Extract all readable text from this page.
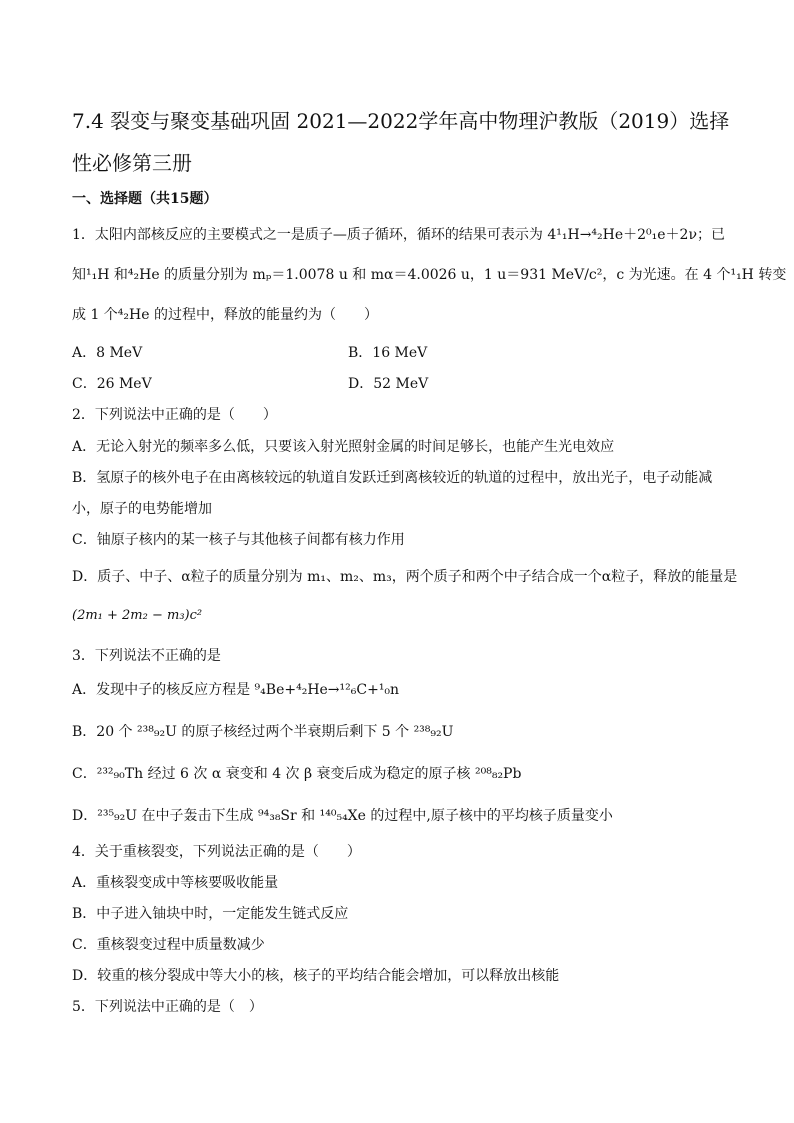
7.4 裂变与聚变基础巩固 2021—2022学年高中物理沪教版（2019）选择性必修第三册
一、选择题（共15题）
1．太阳内部核反应的主要模式之一是质子—质子循环，循环的结果可表示为 4¹₁H→⁴₂He＋2⁰₁e＋2ν；已
知¹₁H 和⁴₂He 的质量分别为 mₚ＝1.0078 u 和 mα＝4.0026 u，1 u＝931 MeV/c²，c 为光速。在 4 个¹₁H 转变
成 1 个⁴₂He 的过程中，释放的能量约为（　　）
A．8 MeV	B．16 MeV
C．26 MeV	D．52 MeV
2．下列说法中正确的是（　　）
A．无论入射光的频率多么低，只要该入射光照射金属的时间足够长，也能产生光电效应
B．氢原子的核外电子在由离核较远的轨道自发跃迁到离核较近的轨道的过程中，放出光子，电子动能减
小，原子的电势能增加
C．铀原子核内的某一核子与其他核子间都有核力作用
D．质子、中子、α粒子的质量分别为 m₁、m₂、m₃，两个质子和两个中子结合成一个α粒子，释放的能量是
(2m₁ + 2m₂ − m₃)c²
3．下列说法不正确的是
A．发现中子的核反应方程是 ⁹₄Be+⁴₂He→¹²₆C+¹₀n
B．20 个 ²³⁸₉₂U 的原子核经过两个半衰期后剩下 5 个 ²³⁸₉₂U
C．²³²₉₀Th 经过 6 次 α 衰变和 4 次 β 衰变后成为稳定的原子核 ²⁰⁸₈₂Pb
D．²³⁵₉₂U 在中子轰击下生成 ⁹⁴₃₈Sr 和 ¹⁴⁰₅₄Xe 的过程中,原子核中的平均核子质量变小
4．关于重核裂变，下列说法正确的是（　　）
A．重核裂变成中等核要吸收能量
B．中子进入铀块中时，一定能发生链式反应
C．重核裂变过程中质量数减少
D．较重的核分裂成中等大小的核，核子的平均结合能会增加，可以释放出核能
5．下列说法中正确的是（　）
